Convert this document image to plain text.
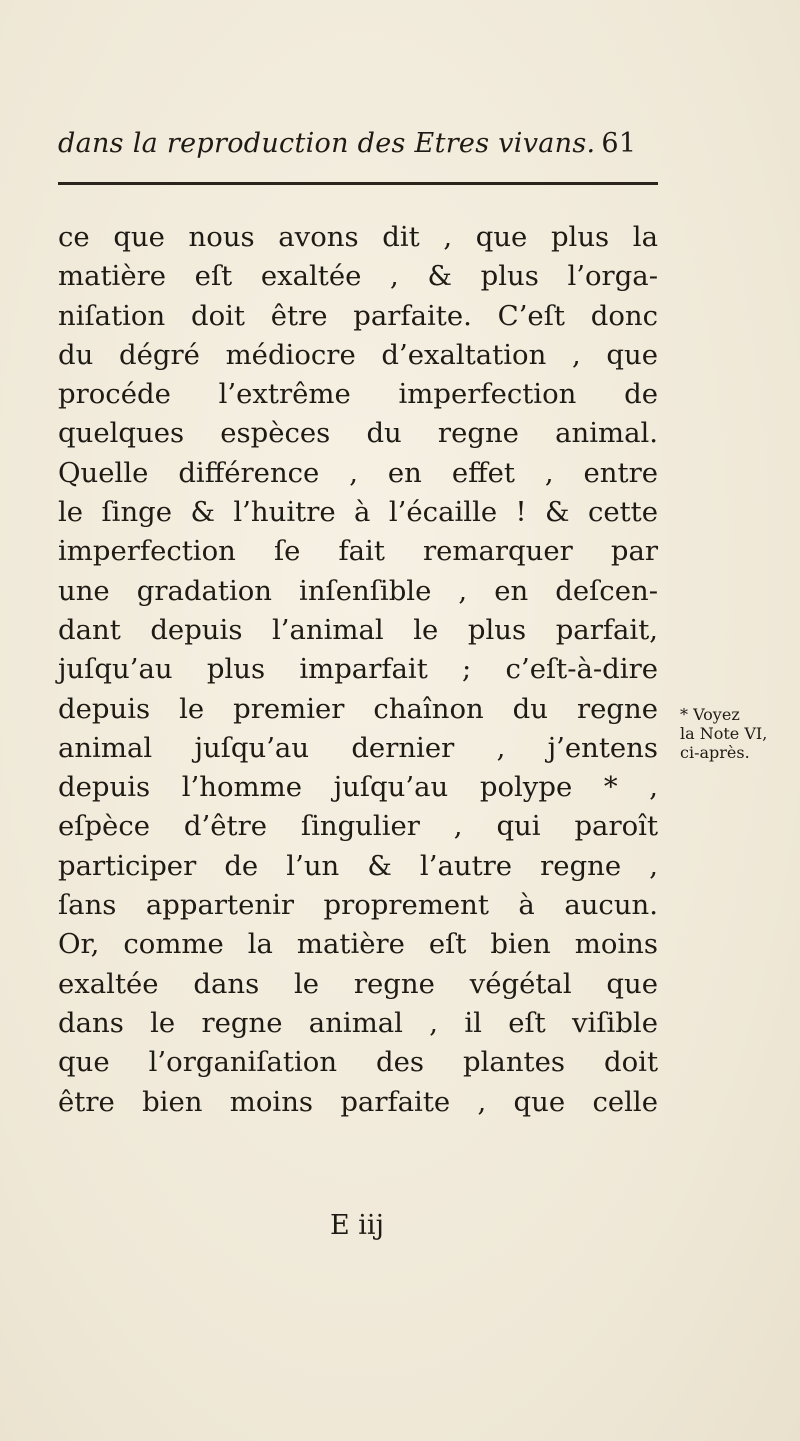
dans la reproduction des Etres vivans. 61
ce que nous avons dit , que plus la
matière eſt exaltée , & plus l’orga-
niſation doit être parfaite. C’eſt donc
du dégré médiocre d’exaltation , que
procéde l’extrême imperfection de
quelques espèces du regne animal.
Quelle différence , en effet , entre
le ſinge & l’huitre à l’écaille ! & cette
imperfection ſe fait remarquer par
une gradation inſenſible , en deſcen-
dant depuis l’animal le plus parfait,
juſqu’au plus imparfait ; c’eſt-à-dire
depuis le premier chaînon du regne
animal juſqu’au dernier , j’entens
depuis l’homme juſqu’au polype * ,
eſpèce d’être ſingulier , qui paroît
participer de l’un & l’autre regne ,
ſans appartenir proprement à aucun.
Or, comme la matière eſt bien moins
exaltée dans le regne végétal que
dans le regne animal , il eſt viſible
que l’organiſation des plantes doit
être bien moins parfaite , que celle
E iij
* Voyez
la Note VI,
ci-après.
